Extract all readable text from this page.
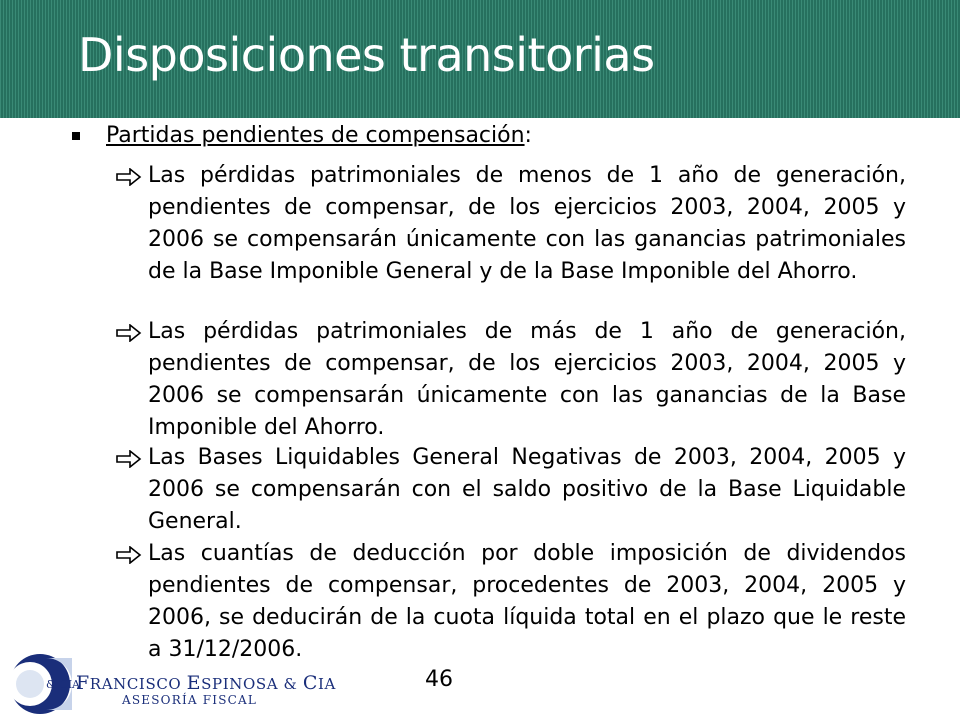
Disposiciones transitorias
Partidas pendientes de compensación:
Las pérdidas patrimoniales de menos de 1 año de generación, pendientes de compensar, de los ejercicios 2003, 2004, 2005 y 2006 se compensarán únicamente con las ganancias patrimoniales de la Base Imponible General y de la Base Imponible del Ahorro.
Las pérdidas patrimoniales de más de 1 año de generación, pendientes de compensar, de los ejercicios 2003, 2004, 2005 y 2006 se compensarán únicamente con las ganancias de la Base Imponible del Ahorro.
Las Bases Liquidables General Negativas de 2003, 2004, 2005 y 2006 se compensarán con el saldo positivo de la Base Liquidable General.
Las cuantías de deducción por doble imposición de dividendos pendientes de compensar, procedentes de 2003, 2004, 2005 y 2006, se deducirán de la cuota líquida total en el plazo que le reste a 31/12/2006.
46
& CIA
FRANCISCO ESPINOSA & CIA
ASESORÍA FISCAL
